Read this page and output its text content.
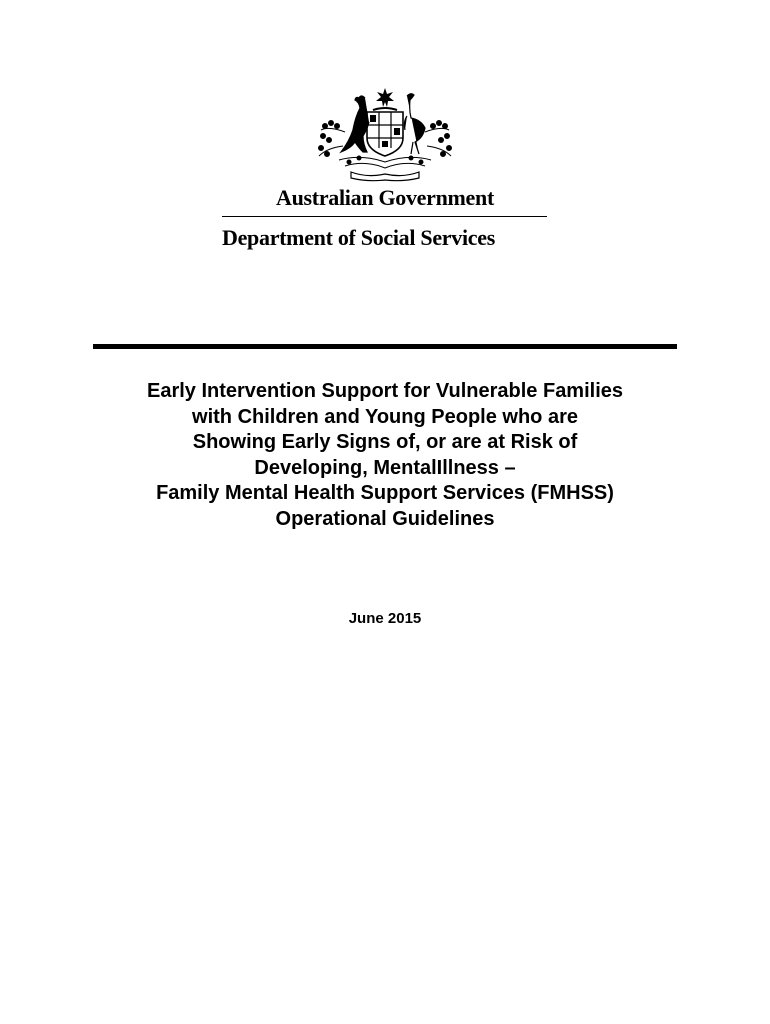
Australian Government
Department of Social Services
Early Intervention Support for Vulnerable Families
with Children and Young People who are
Showing Early Signs of, or are at Risk of
Developing, MentalIllness –
Family Mental Health Support Services (FMHSS)
Operational Guidelines
June 2015
